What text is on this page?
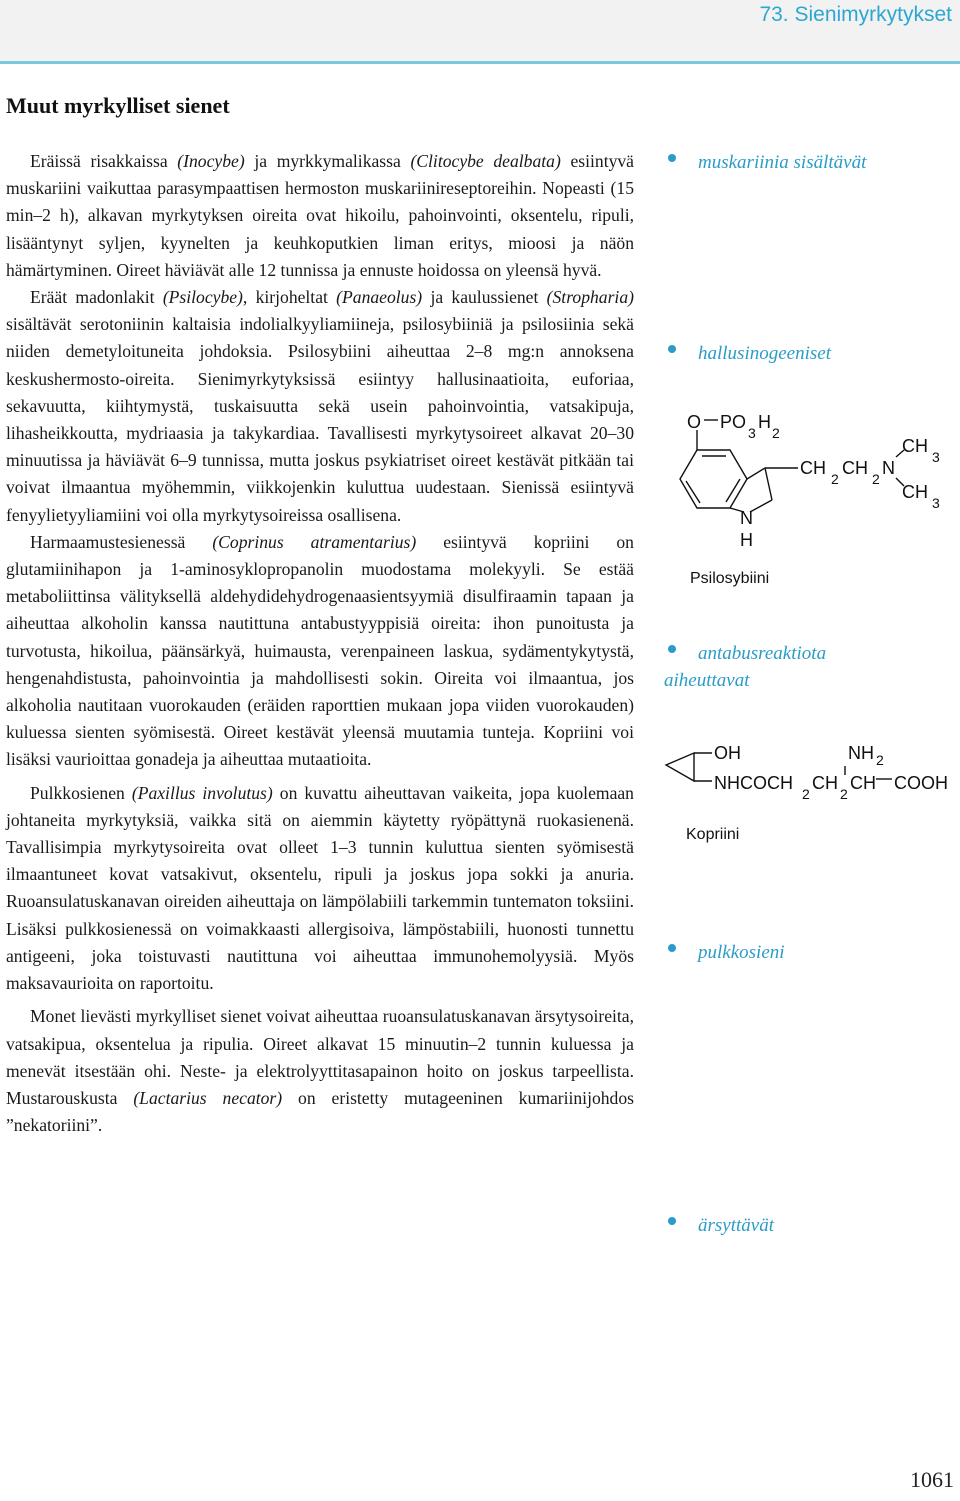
73. Sienimyrkytykset
Muut myrkylliset sienet

Eräissä risakkaissa (Inocybe) ja myrkkymalikassa (Clitocybe dealbata) esiintyvä muskariini vaikuttaa parasympaattisen hermoston muskariinireseptoreihin. Nopeasti (15 min–2 h), alkavan myrkytyksen oireita ovat hikoilu, pahoinvointi, oksentelu, ripuli, lisääntynyt syljen, kyynelten ja keuhkoputkien liman eritys, mioosi ja näön hämärtyminen. Oireet häviävät alle 12 tunnissa ja ennuste hoidossa on yleensä hyvä.

Eräät madonlakit (Psilocybe), kirjoheltat (Panaeolus) ja kaulussienet (Stropharia) sisältävät serotoniinin kaltaisia indolialkyyliamiineja, psilosybiiniä ja psilosiinia sekä niiden demetyloituneita johdoksia. Psilosybiini aiheuttaa 2–8 mg:n annoksena keskushermosto-oireita. Sienimyrkytyksissä esiintyy hallusinaatioita, euforiaa, sekavuutta, kiihtymystä, tuskaisuutta sekä usein pahoinvointia, vatsakipuja, lihasheikkoutta, mydriaasia ja takykardiaa. Tavallisesti myrkytysoireet alkavat 20–30 minuutissa ja häviävät 6–9 tunnissa, mutta joskus psykiatriset oireet kestävät pitkään tai voivat ilmaantua myöhemmin, viikkojenkin kuluttua uudestaan. Sienissä esiintyvä fenyylietyyliamiini voi olla myrkytysoireissa osallisena.

Harmaamustesienessä (Coprinus atramentarius) esiintyvä kopriini on glutamiinihapon ja 1-aminosyklopropanolin muodostama molekyyli. Se estää metaboliittinsa välityksellä aldehydidehydrogenaasientsyymiä disulfiraamin tapaan ja aiheuttaa alkoholin kanssa nautittuna antabustyyppisiä oireita: ihon punoitusta ja turvotusta, hikoilua, päänsärkyä, huimausta, verenpaineen laskua, sydämentykytystä, hengenahdistusta, pahoinvointia ja mahdollisesti sokin. Oireita voi ilmaantua, jos alkoholia nautitaan vuorokauden (eräiden raporttien mukaan jopa viiden vuorokauden) kuluessa sienten syömisestä. Oireet kestävät yleensä muutamia tunteja. Kopriini voi lisäksi vaurioittaa gonadeja ja aiheuttaa mutaatioita.

Pulkkosienen (Paxillus involutus) on kuvattu aiheuttavan vaikeita, jopa kuolemaan johtaneita myrkytyksiä, vaikka sitä on aiemmin käytetty ryöpättynä ruokasienenä. Tavallisimpia myrkytysoireita ovat olleet 1–3 tunnin kuluttua sienten syömisestä ilmaantuneet kovat vatsakivut, oksentelu, ripuli ja joskus jopa sokki ja anuria. Ruoansulatuskanavan oireiden aiheuttaja on lämpölabiili tarkemmin tuntematon toksiini. Lisäksi pulkkosienessä on voimakkaasti allergisoiva, lämpöstabiili, huonosti tunnettu antigeeni, joka toistuvasti nautittuna voi aiheuttaa immunohemolyysiä. Myös maksavaurioita on raportoitu.

Monet lievästi myrkylliset sienet voivat aiheuttaa ruoansulatuskanavan ärsytysoireita, vatsakipua, oksentelua ja ripulia. Oireet alkavat 15 minuutin–2 tunnin kuluessa ja menevät itsestään ohi. Neste- ja elektrolyyttitasapainon hoito on joskus tarpeellista. Mustarouskusta (Lactarius necator) on eristetty mutageeninen kumariinijohdos ”nekatoriini”.

muskariinia sisältävät
hallusinogeeniset
antabusreaktiota aiheuttavat
pulkkosieni
ärsyttävät
O PO
3
H
2
CH
2
CH
2
N
CH
3
CH
3
N
H
Psilosybiini
OH	NH 2
NHCOCH
2
CH
2
CH COOH
Kopriini
1061
